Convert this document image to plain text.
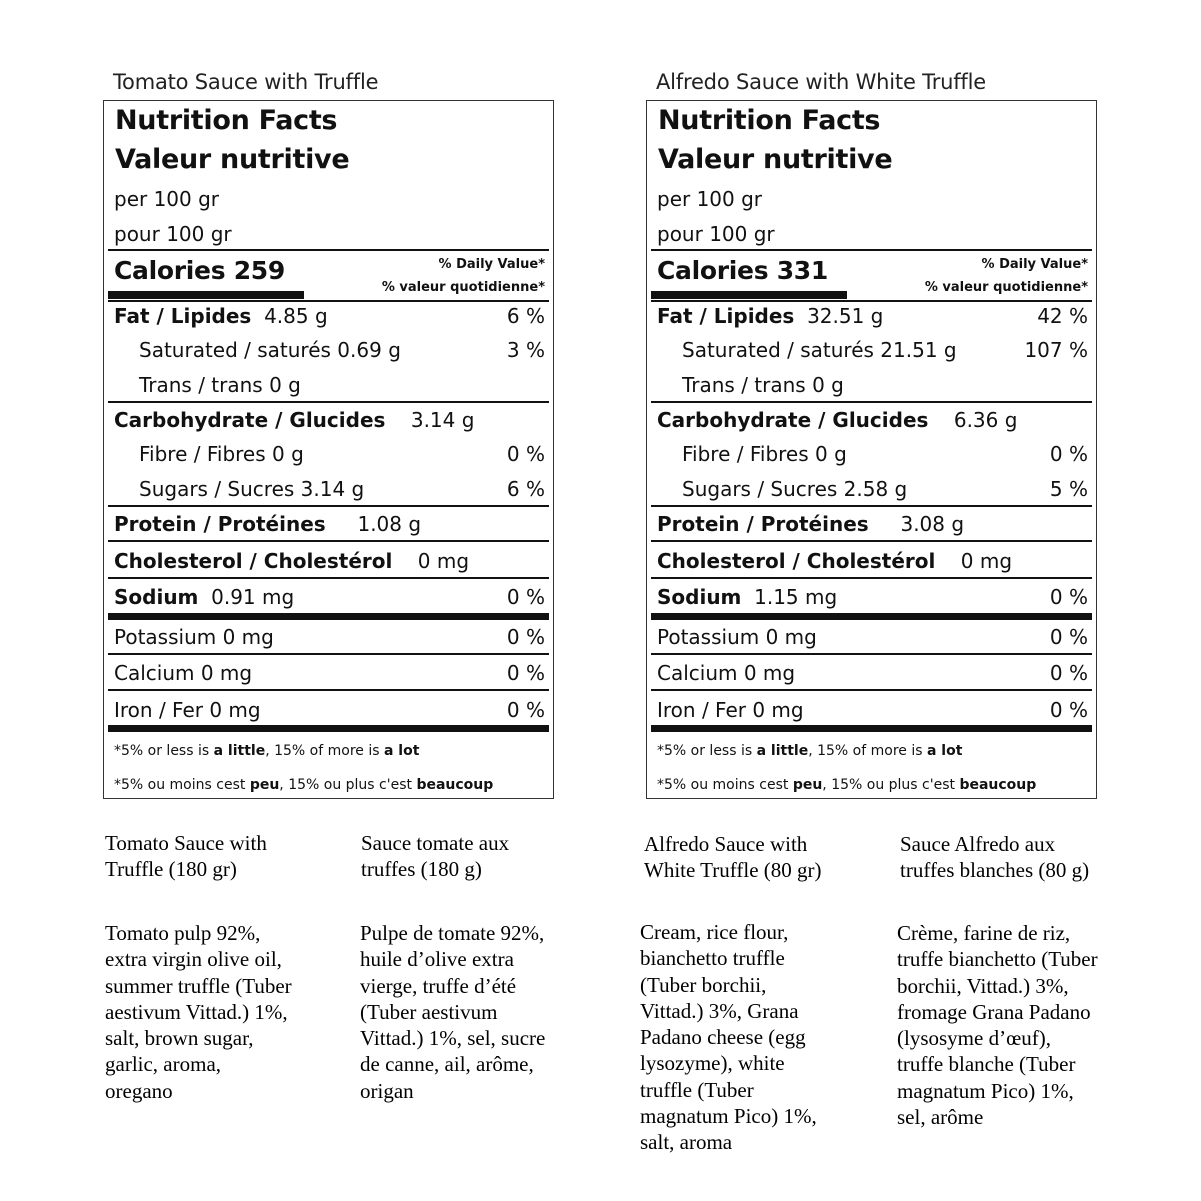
Tomato Sauce with Truffle	Alfredo Sauce with White Truffle
Nutrition Facts
Valeur nutritive
per 100 gr
pour 100 gr
Calories 259	% Daily Value*
% valeur quotidienne*
Fat / Lipides 4.85 g	6 %
Saturated / saturés 0.69 g	3 %
Trans / trans 0 g
Carbohydrate / Glucides 3.14 g
Fibre / Fibres 0 g	0 %
Sugars / Sucres 3.14 g	6 %
Protein / Protéines 1.08 g
Cholesterol / Cholestérol 0 mg
Sodium 0.91 mg	0 %
Potassium 0 mg	0 %
Calcium 0 mg	0 %
Iron / Fer 0 mg	0 %
*5% or less is a little, 15% of more is a lot
*5% ou moins cest peu, 15% ou plus c'est beaucoup
Nutrition Facts
Valeur nutritive
per 100 gr
pour 100 gr
Calories 331	% Daily Value*
% valeur quotidienne*
Fat / Lipides 32.51 g	42 %
Saturated / saturés 21.51 g	107 %
Trans / trans 0 g
Carbohydrate / Glucides 6.36 g
Fibre / Fibres 0 g	0 %
Sugars / Sucres 2.58 g	5 %
Protein / Protéines 3.08 g
Cholesterol / Cholestérol 0 mg
Sodium 1.15 mg	0 %
Potassium 0 mg	0 %
Calcium 0 mg	0 %
Iron / Fer 0 mg	0 %
*5% or less is a little, 15% of more is a lot
*5% ou moins cest peu, 15% ou plus c'est beaucoup
Tomato Sauce with
Truffle (180 gr)
Sauce tomate aux
truffes (180 g)
Alfredo Sauce with
White Truffle (80 gr)
Sauce Alfredo aux
truffes blanches (80 g)
Tomato pulp 92%,
extra virgin olive oil,
summer truffle (Tuber
aestivum Vittad.) 1%,
salt, brown sugar,
garlic, aroma,
oregano
Pulpe de tomate 92%,
huile d’olive extra
vierge, truffe d’été
(Tuber aestivum
Vittad.) 1%, sel, sucre
de canne, ail, arôme,
origan
Cream, rice flour,
bianchetto truffle
(Tuber borchii,
Vittad.) 3%, Grana
Padano cheese (egg
lysozyme), white
truffle (Tuber
magnatum Pico) 1%,
salt, aroma
Crème, farine de riz,
truffe bianchetto (Tuber
borchii, Vittad.) 3%,
fromage Grana Padano
(lysosyme d’œuf),
truffe blanche (Tuber
magnatum Pico) 1%,
sel, arôme
